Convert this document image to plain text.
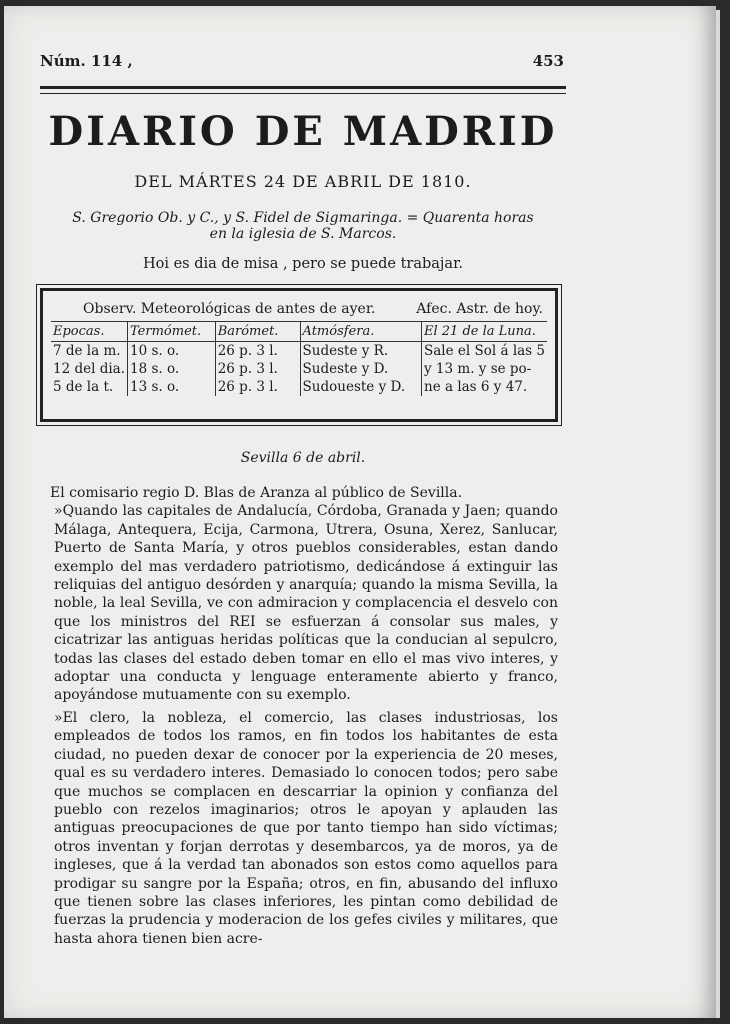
Núm. 114 ,	453
DIARIO DE MADRID
DEL MÁRTES 24 DE ABRIL DE 1810.
S. Gregorio Ob. y C., y S. Fidel de Sigmaringa. = Quarenta horas
en la iglesia de S. Marcos.
Hoi es dia de misa , pero se puede trabajar.
Observ. Meteorológicas de antes de ayer.	Afec. Astr. de hoy.
Epocas.	Termómet.	Barómet.	Atmósfera.	El 21 de la Luna.
7 de la m.	10 s. o.	26 p. 3 l.	Sudeste y R.	Sale el Sol á las 5
12 del dia.	18 s. o.	26 p. 3 l.	Sudeste y D.	y 13 m. y se po-
5 de la t.	13 s. o.	26 p. 3 l.	Sudoueste y D.	ne a las 6 y 47.
Sevilla 6 de abril.

El comisario regio D. Blas de Aranza al público de Sevilla.

»Quando las capitales de Andalucía, Córdoba, Granada y Jaen; quando Málaga, Antequera, Ecija, Carmona, Utrera, Osuna, Xerez, Sanlucar, Puerto de Santa María, y otros pueblos considerables, estan dando exemplo del mas verdadero patriotismo, dedicándose á extinguir las reliquias del antiguo desórden y anarquía; quando la misma Sevilla, la noble, la leal Sevilla, ve con admiracion y complacencia el desvelo con que los ministros del REI se esfuerzan á consolar sus males, y cicatrizar las antiguas heridas políticas que la conducian al sepulcro, todas las clases del estado deben tomar en ello el mas vivo interes, y adoptar una conducta y lenguage enteramente abierto y franco, apoyándose mutuamente con su exemplo.

»El clero, la nobleza, el comercio, las clases industriosas, los empleados de todos los ramos, en fin todos los habitantes de esta ciudad, no pueden dexar de conocer por la experiencia de 20 meses, qual es su verdadero interes. Demasiado lo conocen todos; pero sabe que muchos se complacen en descarriar la opinion y confianza del pueblo con rezelos imaginarios; otros le apoyan y aplauden las antiguas preocupaciones de que por tanto tiempo han sido víctimas; otros inventan y forjan derrotas y desembarcos, ya de moros, ya de ingleses, que á la verdad tan abonados son estos como aquellos para prodigar su sangre por la España; otros, en fin, abusando del influxo que tienen sobre las clases inferiores, les pintan como debilidad de fuerzas la prudencia y moderacion de los gefes civiles y militares, que hasta ahora tienen bien acre-
